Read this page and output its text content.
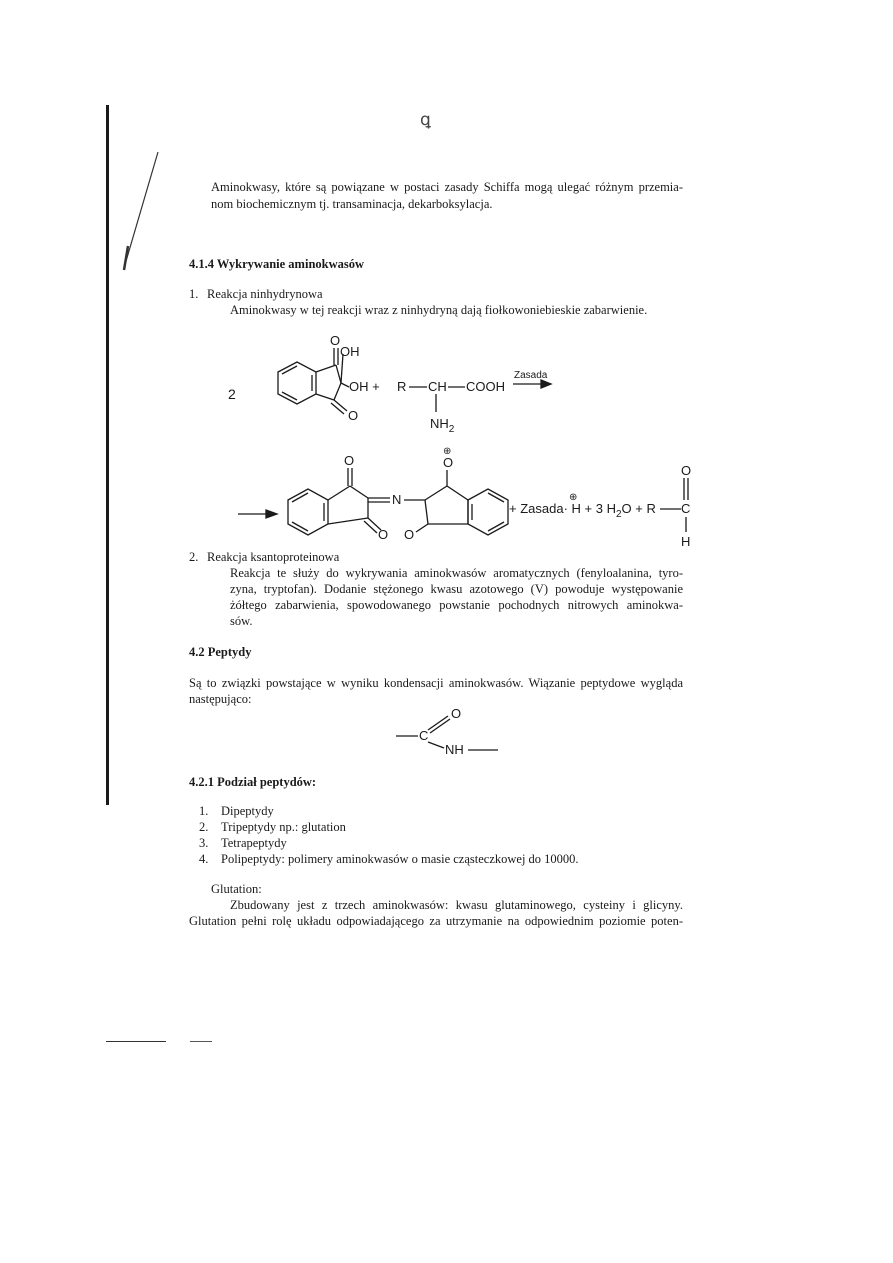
ꝗ
Aminokwasy, które są powiązane w postaci zasady Schiffa mogą ulegać różnym przemia-
nom biochemicznym tj. transaminacja, dekarboksylacja.
4.1.4 Wykrywanie aminokwasów
1. Reakcja ninhydrynowa
Aminokwasy w tej reakcji wraz z ninhydryną dają fiołkowoniebieskie zabarwienie.
2
O
OH
OH +
O
R CH COOH
$NH_2$
Zasada
O
O
N
O
⊕
O
+ Zasada· H + 3 $H_2O + R$
⊕
C
O
H
2. Reakcja ksantoproteinowa
Reakcja te służy do wykrywania aminokwasów aromatycznych (fenyloalanina, tyro-
zyna, tryptofan). Dodanie stężonego kwasu azotowego (V) powoduje występowanie
żółtego zabarwienia, spowodowanego powstanie pochodnych nitrowych aminokwa-
sów.
4.2 Peptydy
Są to związki powstające w wyniku kondensacji aminokwasów. Wiązanie peptydowe wygląda
następująco:
C
O
NH
4.2.1 Podział peptydów:
1. Dipeptydy
2. Tripeptydy np.: glutation
3. Tetrapeptydy
4. Polipeptydy: polimery aminokwasów o masie cząsteczkowej do 10000.
Glutation:
Zbudowany jest z trzech aminokwasów: kwasu glutaminowego, cysteiny i glicyny.
Glutation pełni rolę układu odpowiadającego za utrzymanie na odpowiednim poziomie poten-
